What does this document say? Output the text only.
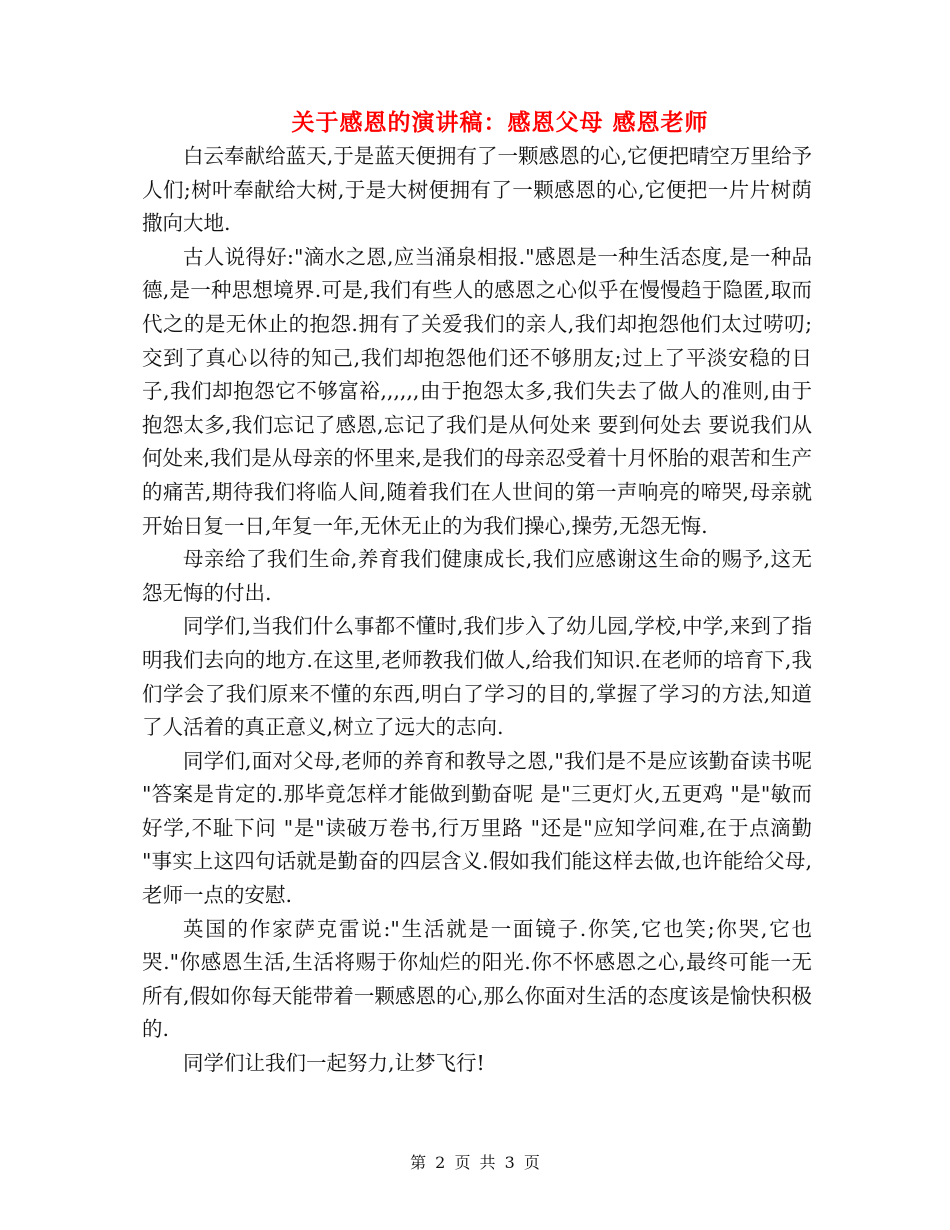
关于感恩的演讲稿：感恩父母 感恩老师

白云奉献给蓝天,于是蓝天便拥有了一颗感恩的心,它便把晴空万里给予人们;树叶奉献给大树,于是大树便拥有了一颗感恩的心,它便把一片片树荫撒向大地.

古人说得好:"滴水之恩,应当涌泉相报."感恩是一种生活态度,是一种品德,是一种思想境界.可是,我们有些人的感恩之心似乎在慢慢趋于隐匿,取而代之的是无休止的抱怨.拥有了关爱我们的亲人,我们却抱怨他们太过唠叨;交到了真心以待的知己,我们却抱怨他们还不够朋友;过上了平淡安稳的日子,我们却抱怨它不够富裕,,,,,,由于抱怨太多,我们失去了做人的准则,由于抱怨太多,我们忘记了感恩,忘记了我们是从何处来 要到何处去 要说我们从何处来,我们是从母亲的怀里来,是我们的母亲忍受着十月怀胎的艰苦和生产的痛苦,期待我们将临人间,随着我们在人世间的第一声响亮的啼哭,母亲就开始日复一日,年复一年,无休无止的为我们操心,操劳,无怨无悔.

母亲给了我们生命,养育我们健康成长,我们应感谢这生命的赐予,这无怨无悔的付出.

同学们,当我们什么事都不懂时,我们步入了幼儿园,学校,中学,来到了指明我们去向的地方.在这里,老师教我们做人,给我们知识.在老师的培育下,我们学会了我们原来不懂的东西,明白了学习的目的,掌握了学习的方法,知道了人活着的真正意义,树立了远大的志向.

同学们,面对父母,老师的养育和教导之恩,"我们是不是应该勤奋读书呢 "答案是肯定的.那毕竟怎样才能做到勤奋呢 是"三更灯火,五更鸡 "是"敏而好学,不耻下问 "是"读破万卷书,行万里路 "还是"应知学问难,在于点滴勤 "事实上这四句话就是勤奋的四层含义.假如我们能这样去做,也许能给父母,老师一点的安慰.

英国的作家萨克雷说:"生活就是一面镜子.你笑,它也笑;你哭,它也哭."你感恩生活,生活将赐于你灿烂的阳光.你不怀感恩之心,最终可能一无所有,假如你每天能带着一颗感恩的心,那么你面对生活的态度该是愉快积极的.

同学们让我们一起努力,让梦飞行!

第 2 页 共 3 页
